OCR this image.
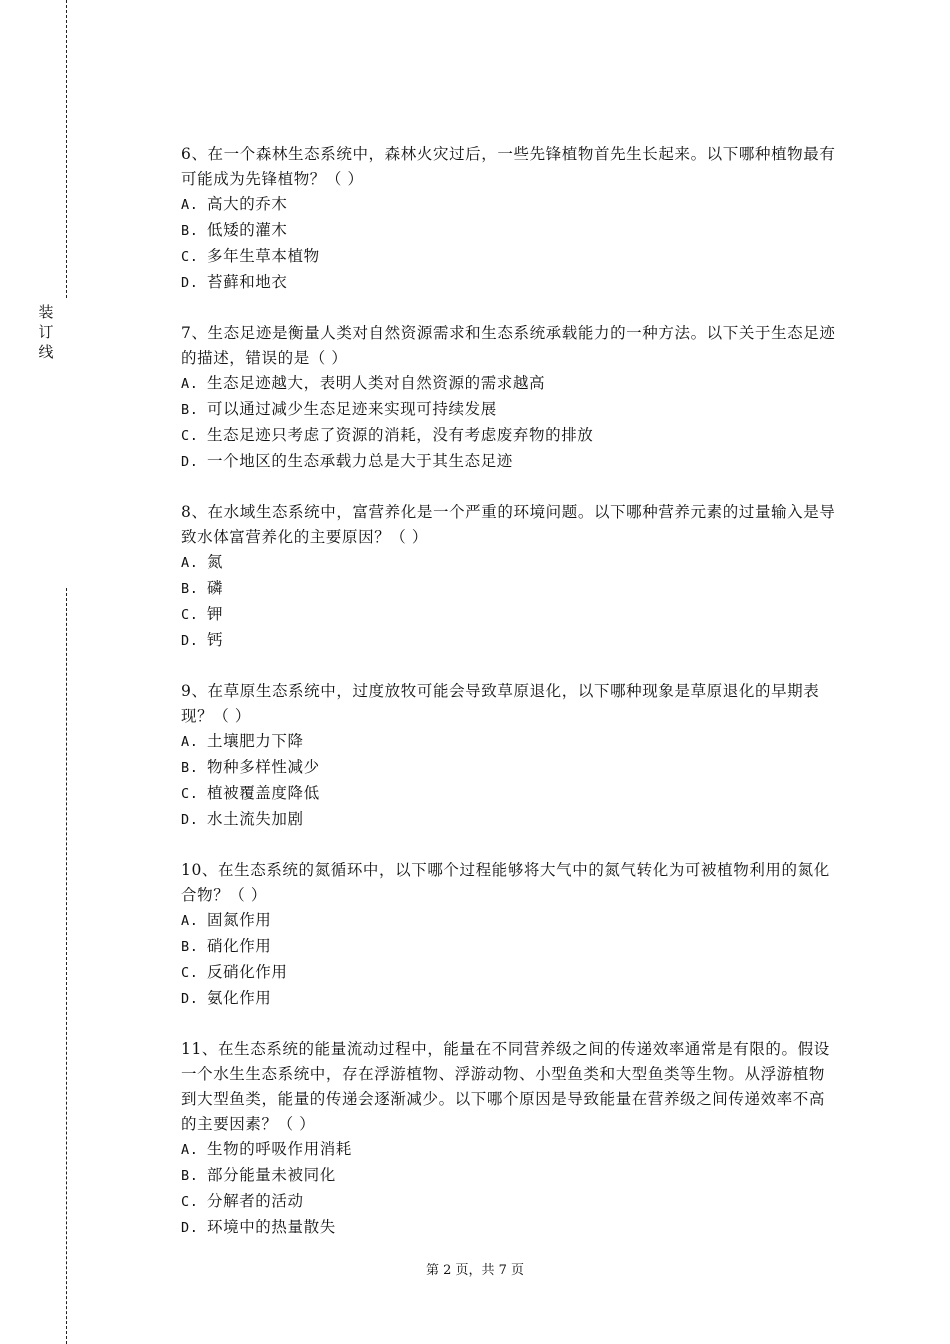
装
订
线

6、在一个森林生态系统中，森林火灾过后，一些先锋植物首先生长起来。以下哪种植物最有可能成为先锋植物？（ ）

A. 高大的乔木
B. 低矮的灌木
C. 多年生草本植物
D. 苔藓和地衣

7、生态足迹是衡量人类对自然资源需求和生态系统承载能力的一种方法。以下关于生态足迹的描述，错误的是（ ）

A. 生态足迹越大，表明人类对自然资源的需求越高
B. 可以通过减少生态足迹来实现可持续发展
C. 生态足迹只考虑了资源的消耗，没有考虑废弃物的排放
D. 一个地区的生态承载力总是大于其生态足迹

8、在水域生态系统中，富营养化是一个严重的环境问题。以下哪种营养元素的过量输入是导致水体富营养化的主要原因？（ ）

A. 氮
B. 磷
C. 钾
D. 钙

9、在草原生态系统中，过度放牧可能会导致草原退化，以下哪种现象是草原退化的早期表现？（ ）

A. 土壤肥力下降
B. 物种多样性减少
C. 植被覆盖度降低
D. 水土流失加剧

10、在生态系统的氮循环中，以下哪个过程能够将大气中的氮气转化为可被植物利用的氮化合物？（ ）

A. 固氮作用
B. 硝化作用
C. 反硝化作用
D. 氨化作用

11、在生态系统的能量流动过程中，能量在不同营养级之间的传递效率通常是有限的。假设一个水生生态系统中，存在浮游植物、浮游动物、小型鱼类和大型鱼类等生物。从浮游植物到大型鱼类，能量的传递会逐渐减少。以下哪个原因是导致能量在营养级之间传递效率不高的主要因素？（ ）

A. 生物的呼吸作用消耗
B. 部分能量未被同化
C. 分解者的活动
D. 环境中的热量散失
第 2 页，共 7 页
